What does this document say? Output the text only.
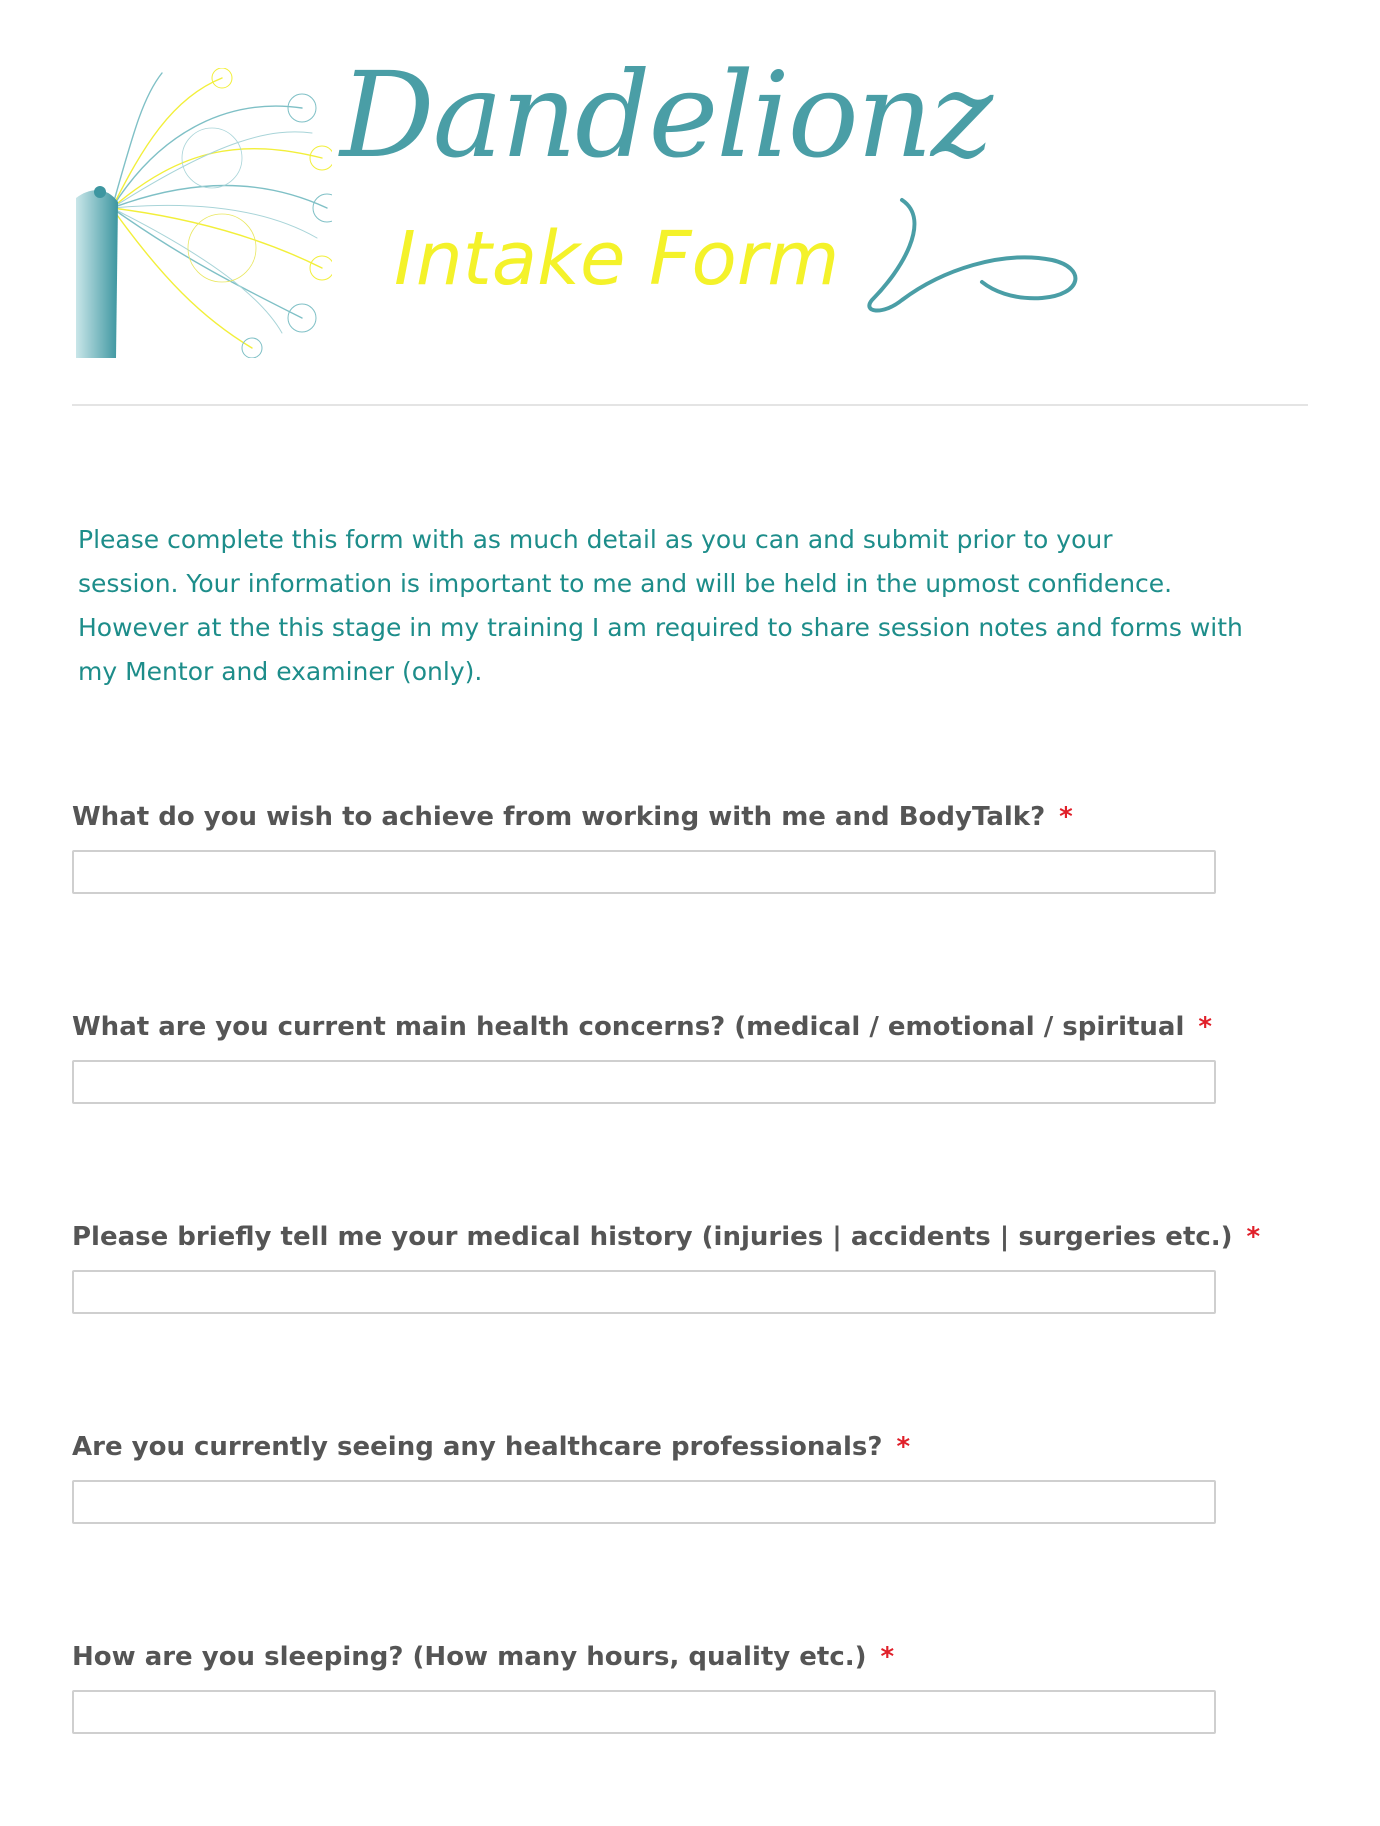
Dandelionz
Intake Form
Please complete this form with as much detail as you can and submit prior to your
session. Your information is important to me and will be held in the upmost confidence.
However at the this stage in my training I am required to share session notes and forms with
my Mentor and examiner (only).
What do you wish to achieve from working with me and BodyTalk? *
What are you current main health concerns? (medical / emotional / spiritual *
Please briefly tell me your medical history (injuries | accidents | surgeries etc.) *
Are you currently seeing any healthcare professionals? *
How are you sleeping? (How many hours, quality etc.) *
